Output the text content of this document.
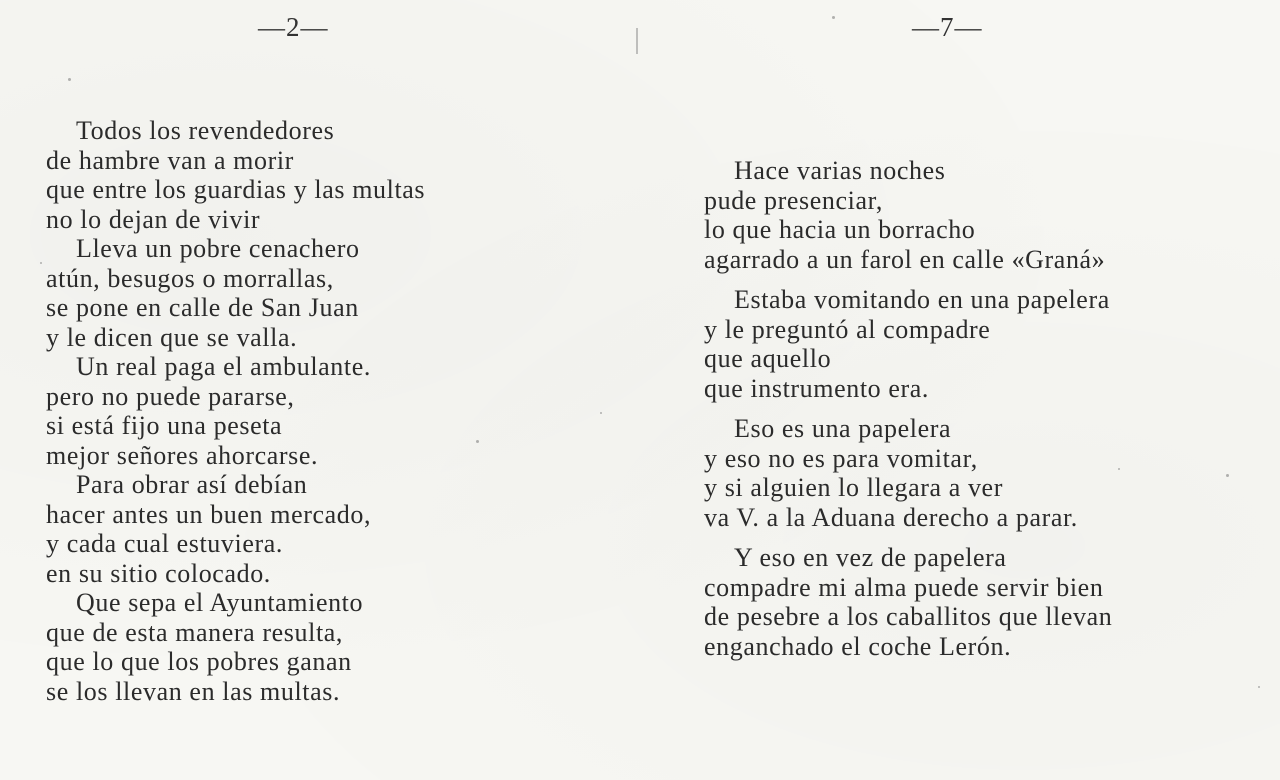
—2—
Todos los revendedores
de hambre van a morir
que entre los guardias y las multas
no lo dejan de vivir
Lleva un pobre cenachero
atún, besugos o morrallas,
se pone en calle de San Juan
y le dicen que se valla.
Un real paga el ambulante.
pero no puede pararse,
si está fijo una peseta
mejor señores ahorcarse.
Para obrar así debían
hacer antes un buen mercado,
y cada cual estuviera.
en su sitio colocado.
Que sepa el Ayuntamiento
que de esta manera resulta,
que lo que los pobres ganan
se los llevan en las multas.
—7—
Hace varias noches
pude presenciar,
lo que hacia un borracho
agarrado a un farol en calle «Graná»
Estaba vomitando en una papelera
y le preguntó al compadre
que aquello
que instrumento era.
Eso es una papelera
y eso no es para vomitar,
y si alguien lo llegara a ver
va V. a la Aduana derecho a parar.
Y eso en vez de papelera
compadre mi alma puede servir bien
de pesebre a los caballitos que llevan
enganchado el coche Lerón.
